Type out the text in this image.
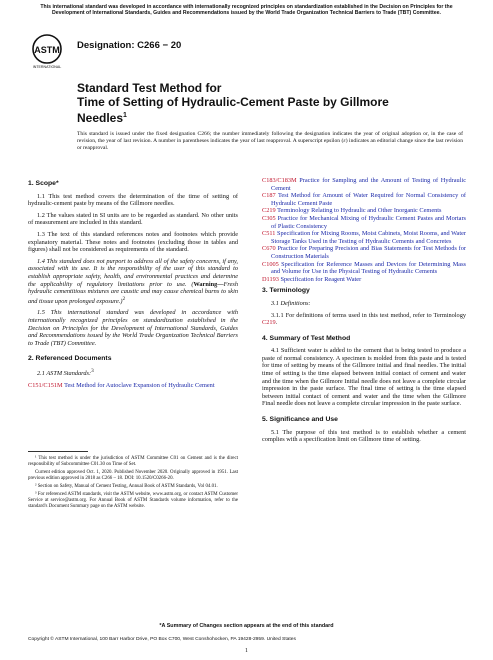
This international standard was developed in accordance with internationally recognized principles on standardization established in the Decision on Principles for the Development of International Standards, Guides and Recommendations issued by the World Trade Organization Technical Barriers to Trade (TBT) Committee.
ASTM
INTERNATIONAL
Designation: C266 − 20
Standard Test Method for
Time of Setting of Hydraulic-Cement Paste by Gillmore
Needles$^1$
This standard is issued under the fixed designation C266; the number immediately following the designation indicates the year of original adoption or, in the case of revision, the year of last revision. A number in parentheses indicates the year of last reapproval. A superscript epsilon (ε) indicates an editorial change since the last revision or reapproval.
1. Scope*

1.1 This test method covers the determination of the time of setting of hydraulic-cement paste by means of the Gillmore needles.

1.2 The values stated in SI units are to be regarded as standard. No other units of measurement are included in this standard.

1.3 The text of this standard references notes and footnotes which provide explanatory material. These notes and footnotes (excluding those in tables and figures) shall not be considered as requirements of the standard.

1.4 This standard does not purport to address all of the safety concerns, if any, associated with its use. It is the responsibility of the user of this standard to establish appropriate safety, health, and environmental practices and determine the applicability of regulatory limitations prior to use. (Warning—Fresh hydraulic cementitious mixtures are caustic and may cause chemical burns to skin and tissue upon prolonged exposure.)$^2$

1.5 This international standard was developed in accordance with internationally recognized principles on standardization established in the Decision on Principles for the Development of International Standards, Guides and Recommendations issued by the World Trade Organization Technical Barriers to Trade (TBT) Committee.

2. Referenced Documents

2.1 ASTM Standards:$^3$

C151/C151M Test Method for Autoclave Expansion of Hydraulic Cement

¹ This test method is under the jurisdiction of ASTM Committee C01 on Cement and is the direct responsibility of Subcommittee C01.30 on Time of Set.

Current edition approved Oct. 1, 2020. Published November 2020. Originally approved in 1951. Last previous edition approved in 2018 as C266 – 18. DOI: 10.1520/C0266-20.

² Section on Safety, Manual of Cement Testing, Annual Book of ASTM Standards, Vol 04.01.

³ For referenced ASTM standards, visit the ASTM website, www.astm.org, or contact ASTM Customer Service at service@astm.org. For Annual Book of ASTM Standards volume information, refer to the standard's Document Summary page on the ASTM website.

C183/C183M Practice for Sampling and the Amount of Testing of Hydraulic Cement

C187 Test Method for Amount of Water Required for Normal Consistency of Hydraulic Cement Paste

C219 Terminology Relating to Hydraulic and Other Inorganic Cements

C305 Practice for Mechanical Mixing of Hydraulic Cement Pastes and Mortars of Plastic Consistency

C511 Specification for Mixing Rooms, Moist Cabinets, Moist Rooms, and Water Storage Tanks Used in the Testing of Hydraulic Cements and Concretes

C670 Practice for Preparing Precision and Bias Statements for Test Methods for Construction Materials

C1005 Specification for Reference Masses and Devices for Determining Mass and Volume for Use in the Physical Testing of Hydraulic Cements

D1193 Specification for Reagent Water

3. Terminology

3.1 Definitions:

3.1.1 For definitions of terms used in this test method, refer to Terminology C219.

4. Summary of Test Method

4.1 Sufficient water is added to the cement that is being tested to produce a paste of normal consistency. A specimen is molded from this paste and is tested for time of setting by means of the Gillmore initial and final needles. The initial time of setting is the time elapsed between initial contact of cement and water and the time when the Gillmore Initial needle does not leave a complete circular impression in the paste surface. The final time of setting is the time elapsed between initial contact of cement and water and the time when the Gillmore Final needle does not leave a complete circular impression in the paste surface.

5. Significance and Use

5.1 The purpose of this test method is to establish whether a cement complies with a specification limit on Gillmore time of setting.

*A Summary of Changes section appears at the end of this standard
Copyright © ASTM International, 100 Barr Harbor Drive, PO Box C700, West Conshohocken, PA 19428-2959. United States
1
